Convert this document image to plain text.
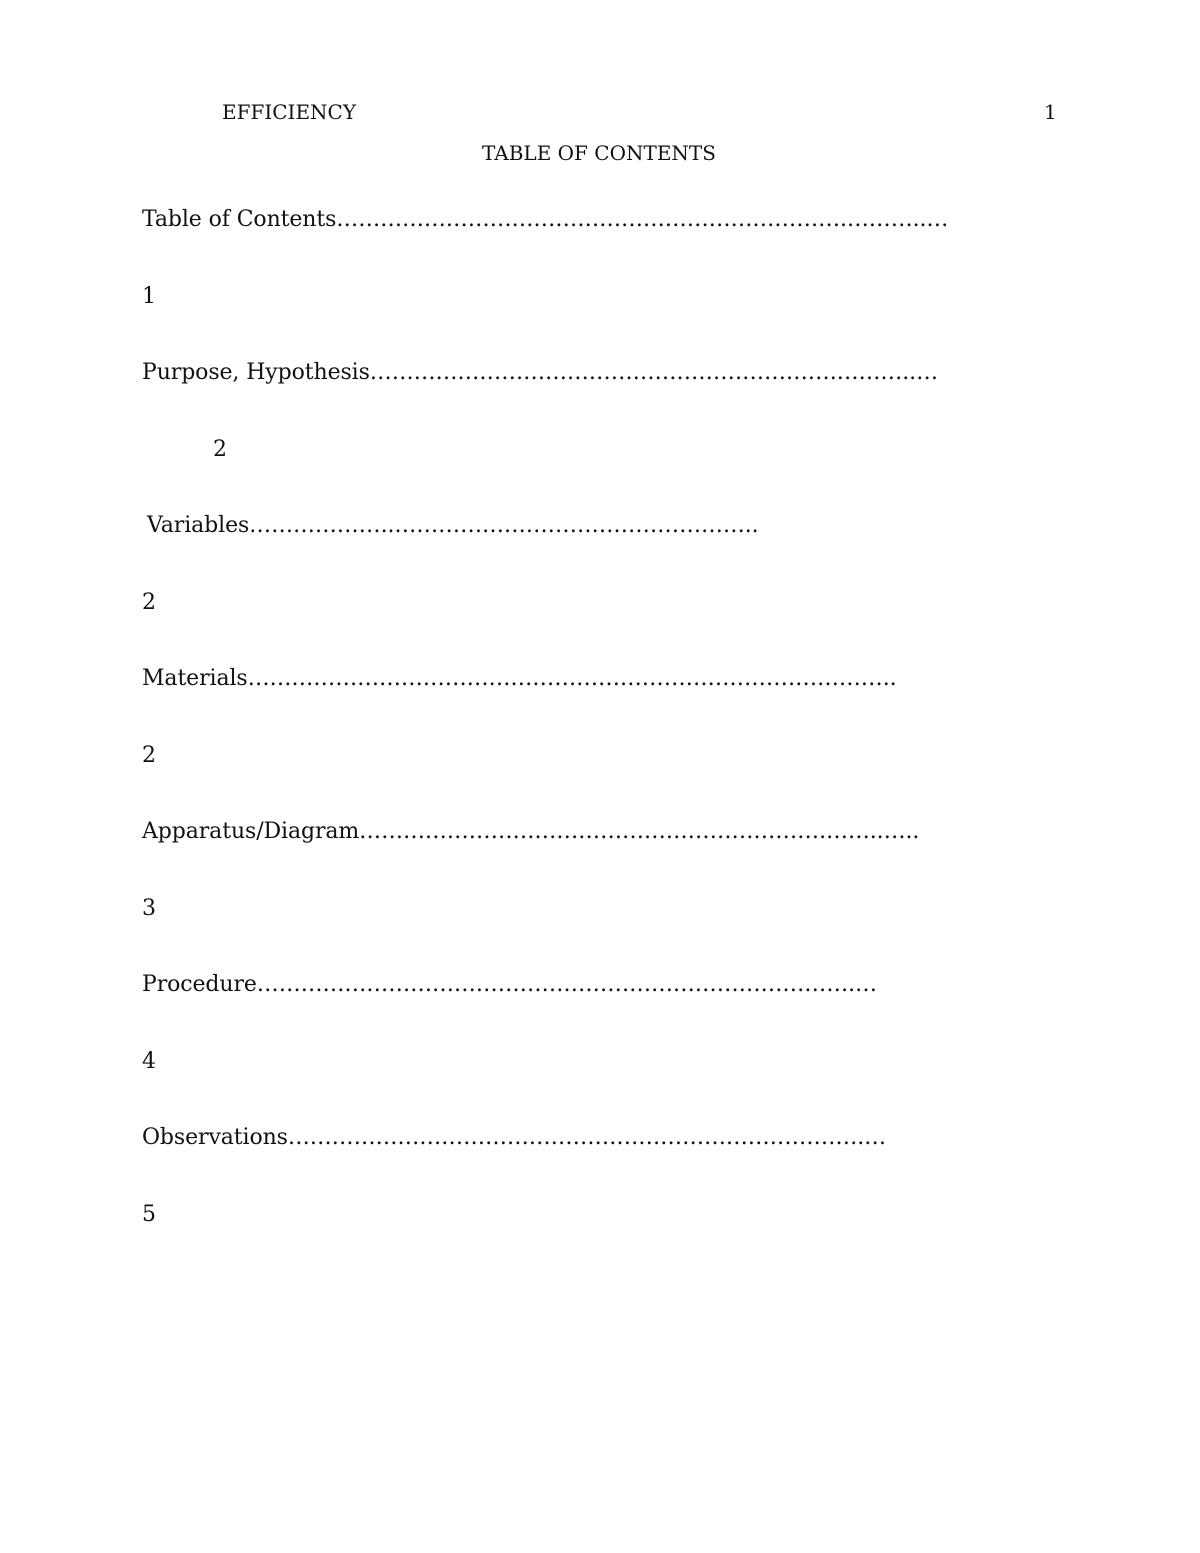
EFFICIENCY	1
TABLE OF CONTENTS
Table of Contents…………………………………………………………….………..…
1
Purpose, Hypothesis……………………………………………………….………..…
2
Variables………………..…………………………………………..
2
Materials……………………………………………………………………………..
2
Apparatus/Diagram……………………………………………………….……..…..
3
Procedure……………………………………………………………………….…
4
Observations…………………………………………………………………….…
5
